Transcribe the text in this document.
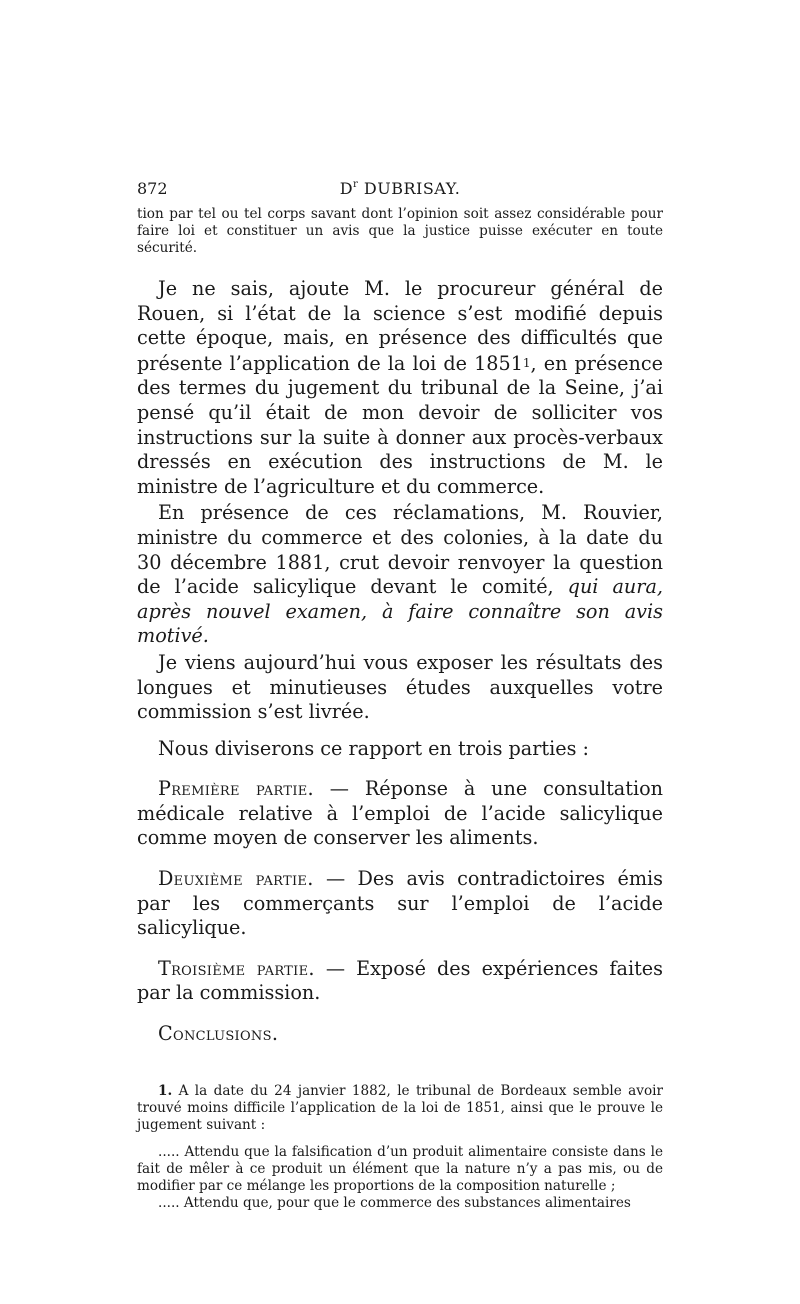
872	$D^r$ DUBRISAY.

tion par tel ou tel corps savant dont l’opinion soit assez considérable pour faire loi et constituer un avis que la justice puisse exécuter en toute sécurité.

Je ne sais, ajoute M. le procureur général de Rouen, si l’état de la science s’est modifié depuis cette époque, mais, en présence des difficultés que présente l’application de la loi de 18511, en présence des termes du jugement du tribunal de la Seine, j’ai pensé qu’il était de mon devoir de solliciter vos instructions sur la suite à donner aux procès-verbaux dressés en exécution des instructions de M. le ministre de l’agriculture et du commerce.

En présence de ces réclamations, M. Rouvier, ministre du commerce et des colonies, à la date du 30 décembre 1881, crut devoir renvoyer la question de l’acide salicylique devant le comité, qui aura, après nouvel examen, à faire connaître son avis motivé.

Je viens aujourd’hui vous exposer les résultats des longues et minutieuses études auxquelles votre commission s’est livrée.

Nous diviserons ce rapport en trois parties :

Première partie. — Réponse à une consultation médicale relative à l’emploi de l’acide salicylique comme moyen de conserver les aliments.

Deuxième partie. — Des avis contradictoires émis par les commerçants sur l’emploi de l’acide salicylique.

Troisième partie. — Exposé des expériences faites par la commission.

Conclusions.

1. A la date du 24 janvier 1882, le tribunal de Bordeaux semble avoir trouvé moins difficile l’application de la loi de 1851, ainsi que le prouve le jugement suivant :

..... Attendu que la falsification d’un produit alimentaire consiste dans le fait de mêler à ce produit un élément que la nature n’y a pas mis, ou de modifier par ce mélange les proportions de la composition naturelle ;

..... Attendu que, pour que le commerce des substances alimentaires
